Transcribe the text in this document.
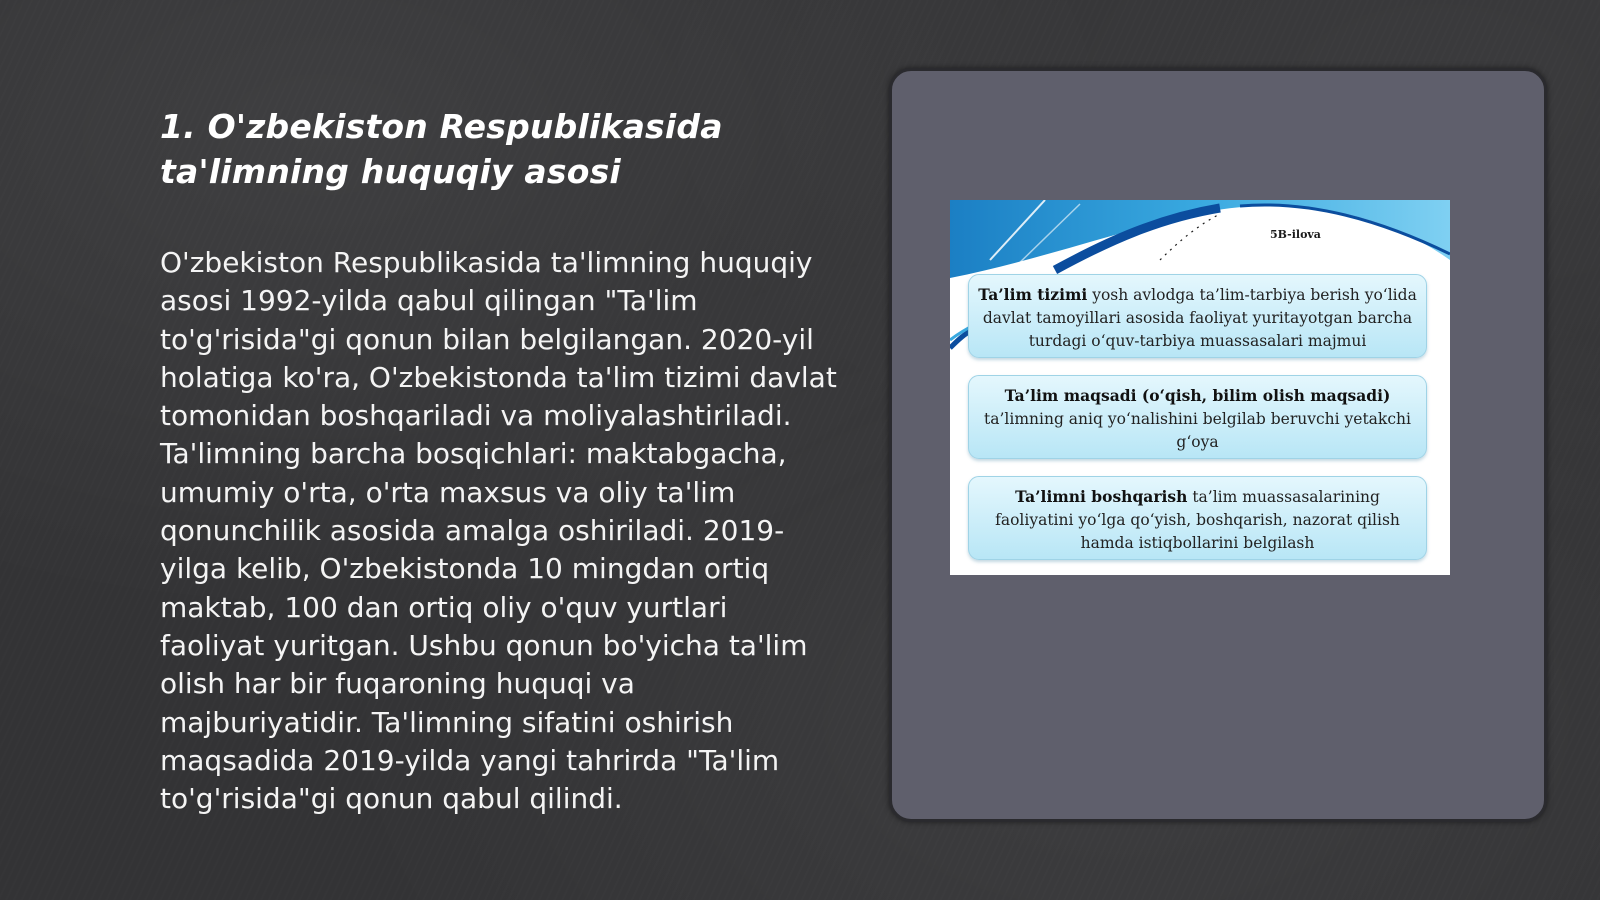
1. O'zbekiston Respublikasida ta'limning huquqiy asosi

O'zbekiston Respublikasida ta'limning huquqiy asosi 1992-yilda qabul qilingan "Ta'lim to'g'risida"gi qonun bilan belgilangan. 2020-yil holatiga ko'ra, O'zbekistonda ta'lim tizimi davlat tomonidan boshqariladi va moliyalashtiriladi. Ta'limning barcha bosqichlari: maktabgacha, umumiy o'rta, o'rta maxsus va oliy ta'lim qonunchilik asosida amalga oshiriladi. 2019-yilga kelib, O'zbekistonda 10 mingdan ortiq maktab, 100 dan ortiq oliy o'quv yurtlari faoliyat yuritgan. Ushbu qonun bo'yicha ta'lim olish har bir fuqaroning huquqi va majburiyatidir. Ta'limning sifatini oshirish maqsadida 2019-yilda yangi tahrirda "Ta'lim to'g'risida"gi qonun qabul qilindi.

5B-ilova
Ta’lim tizimi yosh avlodga ta’lim-tarbiya berish yo‘lida davlat tamoyillari asosida faoliyat yuritayotgan barcha turdagi o‘quv-tarbiya muassasalari majmui
Ta’lim maqsadi (o‘qish, bilim olish maqsadi) ta’limning aniq yo‘nalishini belgilab beruvchi yetakchi g‘oya
Ta’limni boshqarish ta’lim muassasalarining faoliyatini yo‘lga qo‘yish, boshqarish, nazorat qilish hamda istiqbollarini belgilash
